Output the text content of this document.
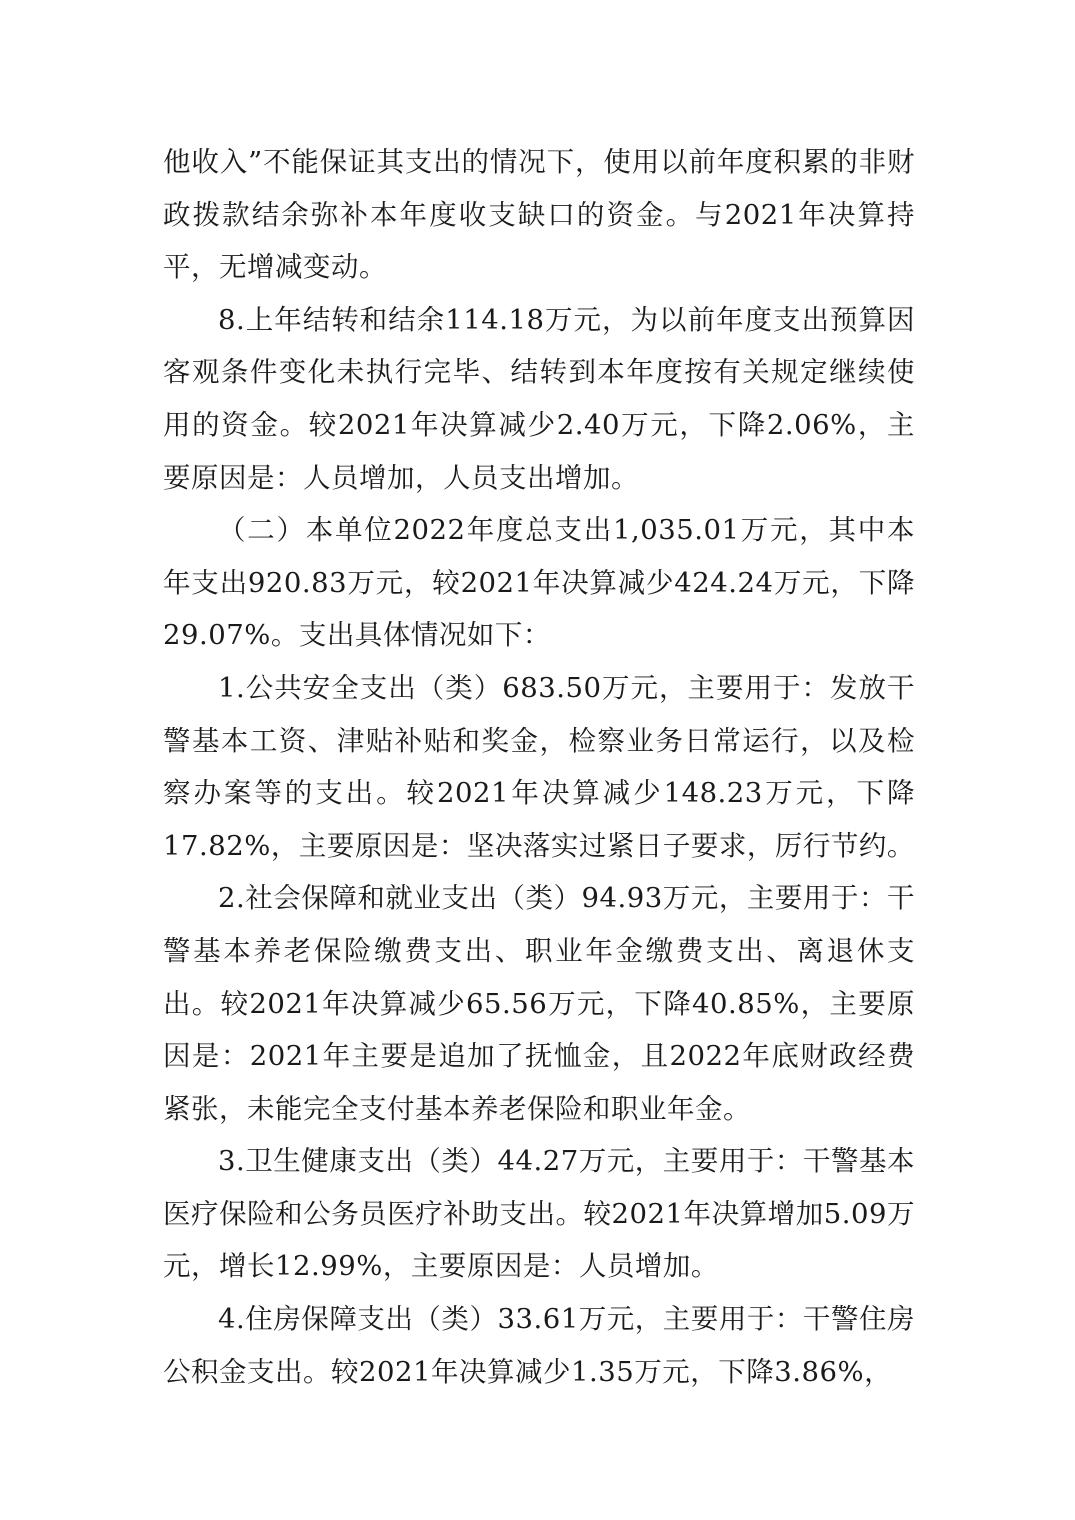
他收入”不能保证其支出的情况下，使用以前年度积累的非财政拨款结余弥补本年度收支缺口的资金。与2021年决算持平，无增减变动。

8.上年结转和结余114.18万元，为以前年度支出预算因客观条件变化未执行完毕、结转到本年度按有关规定继续使用的资金。较2021年决算减少2.40万元，下降2.06%，主要原因是：人员增加，人员支出增加。

（二）本单位2022年度总支出1,035.01万元，其中本年支出920.83万元，较2021年决算减少424.24万元，下降29.07%。支出具体情况如下：

1.公共安全支出（类）683.50万元，主要用于：发放干警基本工资、津贴补贴和奖金，检察业务日常运行，以及检察办案等的支出。较2021年决算减少148.23万元，下降17.82%，主要原因是：坚决落实过紧日子要求，厉行节约。

2.社会保障和就业支出（类）94.93万元，主要用于：干警基本养老保险缴费支出、职业年金缴费支出、离退休支出。较2021年决算减少65.56万元，下降40.85%，主要原因是：2021年主要是追加了抚恤金，且2022年底财政经费紧张，未能完全支付基本养老保险和职业年金。

3.卫生健康支出（类）44.27万元，主要用于：干警基本医疗保险和公务员医疗补助支出。较2021年决算增加5.09万元，增长12.99%，主要原因是：人员增加。

4.住房保障支出（类）33.61万元，主要用于：干警住房公积金支出。较2021年决算减少1.35万元，下降3.86%，
